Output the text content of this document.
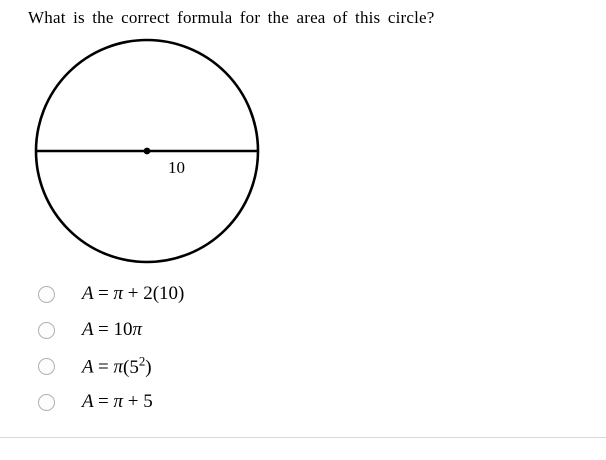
What is the correct formula for the area of this circle?
10
A = π + 2(10)
A = 10π
$A = \pi(5^2)$
A = π + 5
